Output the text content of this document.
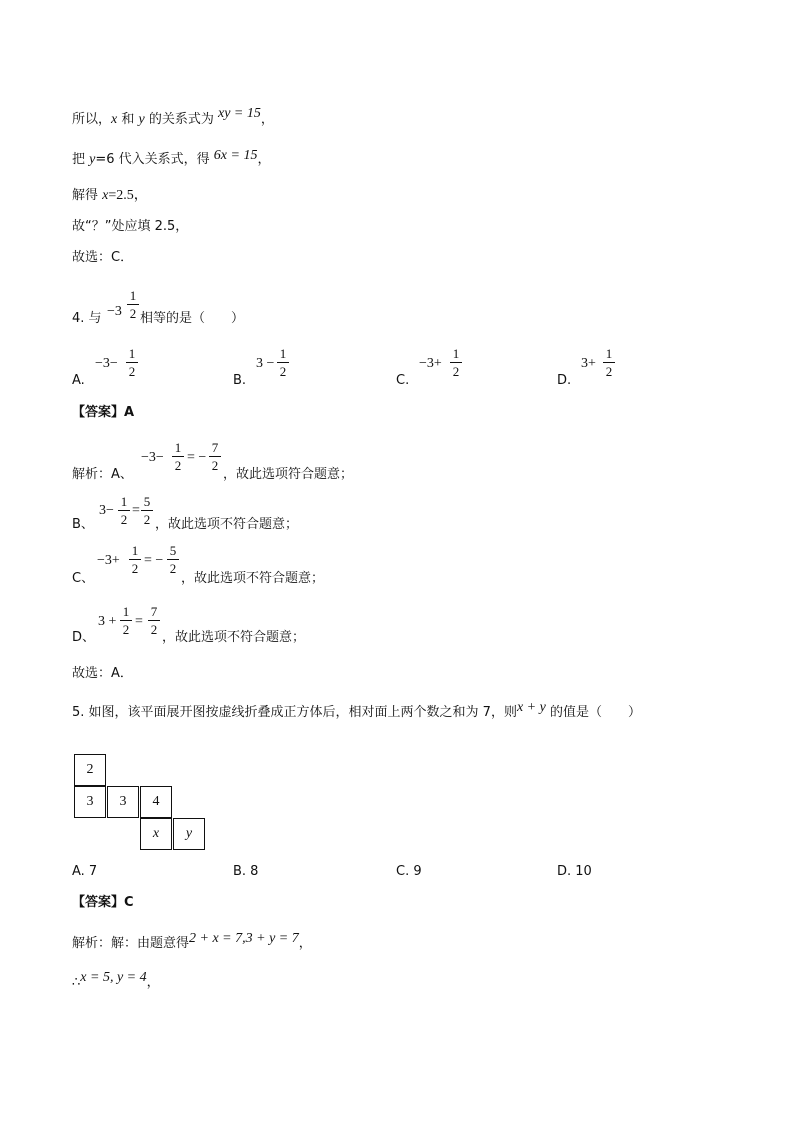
所以，x 和 y 的关系式为 xy = 15，
把 y=6 代入关系式，得 6x = 15，
解得 x=2.5，
故“？”处应填 2.5，
故选：C．
4. 与 −3
1
2 相等的是（　　）
A.
−3−
1
2
B.
3 −
1
2
C.
−3+
1
2
D.
3+
1
2
【答案】A
解析：A、
−3−
1
2
= −
7
2
，故此选项符合题意；
B、
3−
1
2
=
5
2 ，故此选项不符合题意；
C、
−3+
1
2
= −
5
2
，故此选项不符合题意；
D、
3 +
1
2
=
7
2
，故此选项不符合题意；
故选：A．
5. 如图，该平面展开图按虚线折叠成正方体后，相对面上两个数之和为 7，则x + y 的值是（　　）
2
3	3	4
x	y
A. 7	B. 8	C. 9	D. 10
【答案】C
解析：解：由题意得2 + x = 7,3 + y = 7，
∴x = 5, y = 4，
